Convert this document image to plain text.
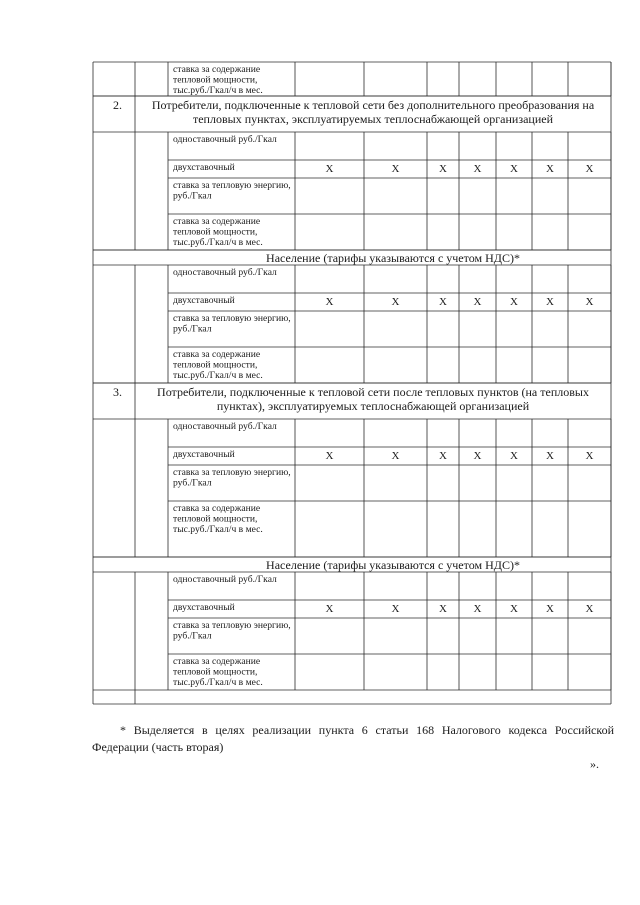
ставка за содержание
тепловой мощности,
тыс.руб./Гкал/ч в мес.
2. Потребители, подключенные к тепловой сети без дополнительного преобразования на
тепловых пунктах, эксплуатируемых теплоснабжающей организацией
одноставочный руб./Гкал
двухставочный	X	X	X X	X	X	X
ставка за тепловую энергию,
руб./Гкал
ставка за содержание
тепловой мощности,
тыс.руб./Гкал/ч в мес.
Население (тарифы указываются с учетом НДС)*
одноставочный руб./Гкал
двухставочный	X	X	X X	X	X	X
ставка за тепловую энергию,
руб./Гкал
ставка за содержание
тепловой мощности,
тыс.руб./Гкал/ч в мес.
3.	Потребители, подключенные к тепловой сети после тепловых пунктов (на тепловых
пунктах), эксплуатируемых теплоснабжающей организацией
одноставочный руб./Гкал
двухставочный	X	X	X X	X	X	X
ставка за тепловую энергию,
руб./Гкал
ставка за содержание
тепловой мощности,
тыс.руб./Гкал/ч в мес.
Население (тарифы указываются с учетом НДС)*
одноставочный руб./Гкал
двухставочный	X	X	X X	X	X	X
ставка за тепловую энергию,
руб./Гкал
ставка за содержание
тепловой мощности,
тыс.руб./Гкал/ч в мес.
* Выделяется в целях реализации пункта 6 статьи 168 Налогового кодекса Российской Федерации (часть вторая)
».
